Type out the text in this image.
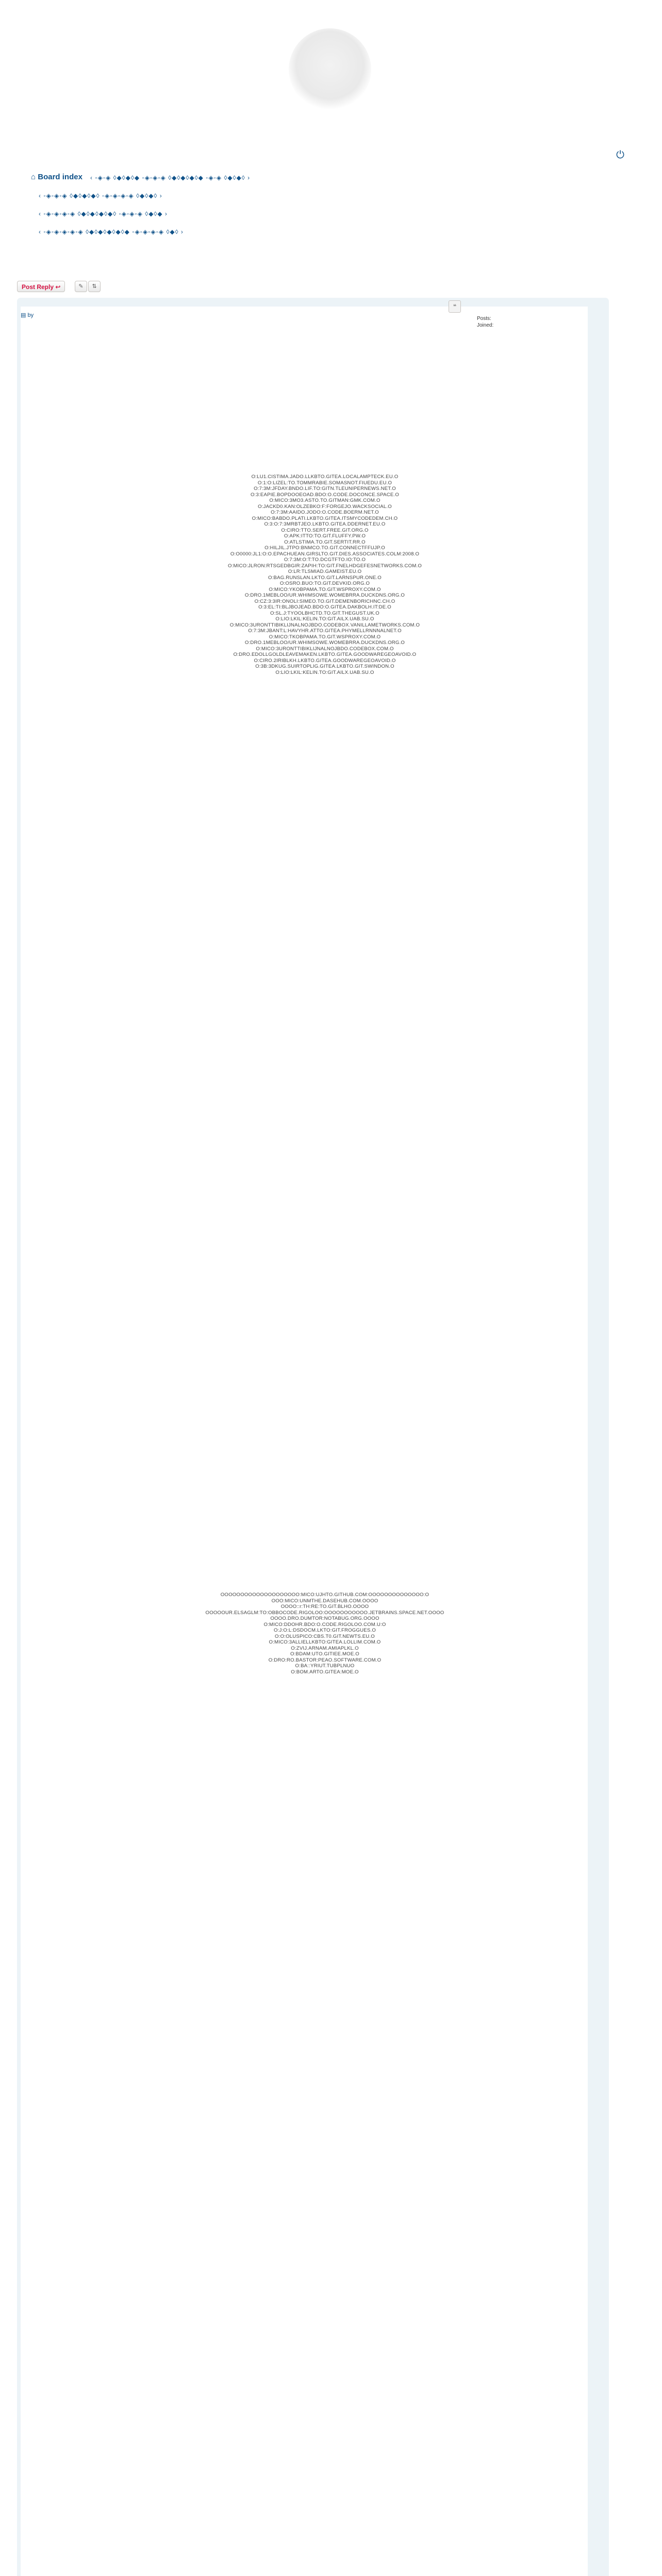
⏻
⌂ Board index ‹ ◦◈◦◈ ◊◆◊◆◊◆ ◦◈◦◈◦◈ ◊◆◊◆◊◆◊◆ ◦◈◦◈ ◊◆◊◆◊ ›
‹ ◦◈◦◈◦◈ ◊◆◊◆◊◆◊ ◦◈◦◈◦◈◦◈ ◊◆◊◆◊ ›
‹ ◦◈◦◈◦◈◦◈ ◊◆◊◆◊◆◊◆◊ ◦◈◦◈◦◈ ◊◆◊◆ ›
‹ ◦◈◦◈◦◈◦◈◦◈ ◊◆◊◆◊◆◊◆◊◆ ◦◈◦◈◦◈◦◈ ◊◆◊ ›
Post Reply ↩	✎	⇅
❝
▤ by
Posts:
Joined:
O:LU1.CISTIMA.JADO.LLKBTO.GITEA.LOCALAMPTECK.EU.O
O:1:O:LIZEL:TO.TOMMRABIE.SOMASNOT.FIUEDU.EU.O
O:7:3M:JFDAY.BNDO.LIF.TO:GITN.TLEUNIPERNEWS.NET.O
O:3:EAPIE.BOPDOOEOAD.BDO:O.CODE.DOCONCE.SPACE.O
O:MICO:3MO3.ASTO.TO.GITMAN:GMK.COM.O
O:JACKD0.KAN:OLZEBKO:F:FORGEJO.WACKSOCIAL.O
O:7:3M:AAIDO.JODO:O.CODE.BOERM.NET.O
O:MICO:BABDO.PLATI.LKBTO.GITEA.ITSMYCODEDEM.CH.O
O:3:O:7:3MRBTJEO.LKBTO.GITEA.DDERNET.EU.O
O:CIRO:TTO.SERT.FREE.GIT.ORG.O
O:APK:ITTO:TO.GIT.FLUFFY.PW.O
O:ATLSTIMA.TO.GIT.SERTIT.RR.O
O:HILJIL.JTPO:BNMCO.TO.GIT.CONNECTFFUJP.O
O:O0000:JL1:O:O.EPACHUEAN.GIRSLTO.GIT.DIES.ASSOCIATES.COLM:2008.O
O:7:3M:O:T:TO.DCGTFTO.IO:TO.O
O:MICO:JLRON:RTSGEDBGIR:ZAPIH:TO:GIT.FNELHDGEFESNETWORKS.COM.O
O:LR:TLSMIAD.GAMEIST.EU.O
O:BAG.RUNSLAN.LKTO.GIT.LARNSPUR.ONE.O
O:OSRO.BUO:TO.GIT.DEVKID.ORG.O
O:MICO:YKOBPAMA.TO.GIT.WSPROXY.COM.O
O:DRO.1MEBLOO/UR.WHIMSOWE.WOMEBRRA.DUCKDNS.ORG.O
O:CZ:3:3IR:ONOLI:SIMEO.TO.GIT.DEMENBORICHNC.CH.O
O:3:EL:TI:BLJBOJEAD.BDO:O.GITEA.DAKBOLH.IT:DE.O
O:SL.J:TYOOLBHCTD.TO.GIT.THEGUST.UK.O
O:LIO:LKIL:KELIN.TO:GIT.AILX.UAB.SU.O
O:MICO:3URONTTIBIKLIJNALNOJBDO.CODEBOX.VANILLAMETWORKS.COM.O
O:7:3M:JBANT:L:HAVYHR.ATTO.GITEA.PHYMELLRNNNALNET.O
O:MICO:TKOBPAMA.TO.GIT.WSPROXY.COM.O
O:DRO.1MEBLOO/UR.WHIMSOWE.WOMEBRRA.DUCKDNS.ORG.O
O:MICO:3URONTTIBIKLIJNALNOJBDO.CODEBOX.COM.O
O:DRO.EDOLLGOLDLEAVEMAKEN.LKBTO.GITEA.GOODWAREGEOAVOID.O
O:CIRO.2IRIBLKH.LKBTO.GITEA.GOODWAREGEOAVOID.O
O:3B:3DKUG.SUIRTOPLIG.GITEA.LKBTO.GIT.SWINDON.O
O:LIO:LKIL:KELIN.TO:GIT.AILX.UAB.SU.O
OOOOOOOOOOOOOOOOOOOO:MICO:UJHTO.GITHUB.COM:OOOOOOOOOOOOOO:O
OOO:MICO:UNMTHE.DASEHUB.COM.OOOO
OOOO::r:TH:RE:TO.GIT.BLHO.OOOO
OOOOOUR.ELSAGLM:TO:OBBOCODE.RIGOLOO:OOOOOOOOOOO.JETBRAINS.SPACE.NET.OOOO
OOOO.DRO.DUMTOR:NOTABUG.ORG.OOOO
O:MICO:DDOHR.BDO:O.CODE.RIGOLOO.COM.U:O
O:J:O:L:DSDOCM.LKTO:GIT.FROGGUES.O
O:O:OLUSPICO:CBS.T0.GIT.NEWTS.EU.O
O:MICO:3ALLIELLKBTO:GITEA.LOLLIM.COM.O
O:ZVIJ.ARNAM.AMIAPLKL.O
O:BDAM:UTO.GITIEE.MOE.O
O:DRO:RO.BASTOR:PEAO.SOFTWARE.COM.O
O:BA::YRIUT.TUBPLNUO
O:BOM.ARTO.GITEA:MOE.O
